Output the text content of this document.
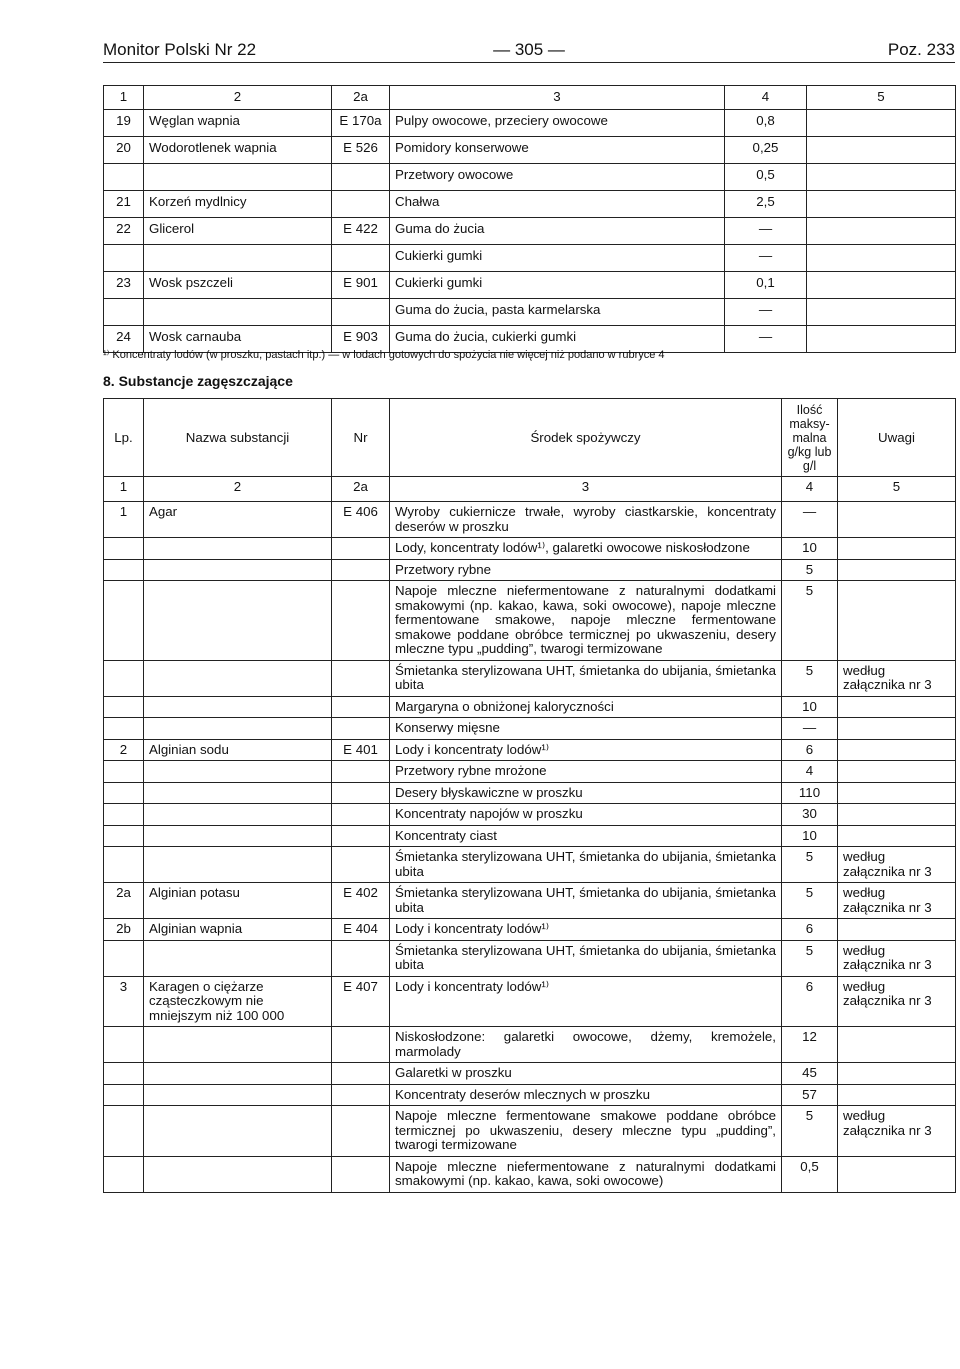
Monitor Polski Nr 22	— 305 —	Poz. 233
1	2	2a	3	4	5
19	Węglan wapnia	E 170a	Pulpy owocowe, przeciery owocowe	0,8	
20	Wodorotlenek wapnia	E 526	Pomidory konserwowe	0,25	
			Przetwory owocowe	0,5	
21	Korzeń mydlnicy		Chałwa	2,5	
22	Glicerol	E 422	Guma do żucia	—	
			Cukierki gumki	—	
23	Wosk pszczeli	E 901	Cukierki gumki	0,1	
			Guma do żucia, pasta karmelarska	—	
24	Wosk carnauba	E 903	Guma do żucia, cukierki gumki	—	
¹⁾ Koncentraty lodów (w proszku, pastach itp.) — w lodach gotowych do spożycia nie więcej niż podano w rubryce 4
8. Substancje zagęszczające
Lp.	Nazwa substancji	Nr	Środek spożywczy	Ilość maksy-malna g/kg lub g/l	Uwagi
1	2	2a	3	4	5
1	Agar	E 406	Wyroby cukiernicze trwałe, wyroby ciastkarskie, koncentraty deserów w proszku	—	
			Lody, koncentraty lodów¹⁾, galaretki owocowe niskosłodzone	10	
			Przetwory rybne	5	
			Napoje mleczne niefermentowane z naturalnymi dodatkami smakowymi (np. kakao, kawa, soki owocowe), napoje mleczne fermentowane smakowe, napoje mleczne fermentowane smakowe poddane obróbce termicznej po ukwaszeniu, desery mleczne typu „pudding”, twarogi termizowane	5	
			Śmietanka sterylizowana UHT, śmietanka do ubijania, śmietanka ubita	5	według załącznika nr 3
			Margaryna o obniżonej kaloryczności	10	
			Konserwy mięsne	—	
2	Alginian sodu	E 401	Lody i koncentraty lodów¹⁾	6	
			Przetwory rybne mrożone	4	
			Desery błyskawiczne w proszku	110	
			Koncentraty napojów w proszku	30	
			Koncentraty ciast	10	
			Śmietanka sterylizowana UHT, śmietanka do ubijania, śmietanka ubita	5	według załącznika nr 3
2a	Alginian potasu	E 402	Śmietanka sterylizowana UHT, śmietanka do ubijania, śmietanka ubita	5	według załącznika nr 3
2b	Alginian wapnia	E 404	Lody i koncentraty lodów¹⁾	6	
			Śmietanka sterylizowana UHT, śmietanka do ubijania, śmietanka ubita	5	według załącznika nr 3
3	Karagen o ciężarze cząsteczkowym nie mniejszym niż 100 000	E 407	Lody i koncentraty lodów¹⁾	6	według załącznika nr 3
			Niskosłodzone: galaretki owocowe, dżemy, kremożele, marmolady	12	
			Galaretki w proszku	45	
			Koncentraty deserów mlecznych w proszku	57	
			Napoje mleczne fermentowane smakowe poddane obróbce termicznej po ukwaszeniu, desery mleczne typu „pudding”, twarogi termizowane	5	według załącznika nr 3
			Napoje mleczne niefermentowane z naturalnymi dodatkami smakowymi (np. kakao, kawa, soki owocowe)	0,5	
